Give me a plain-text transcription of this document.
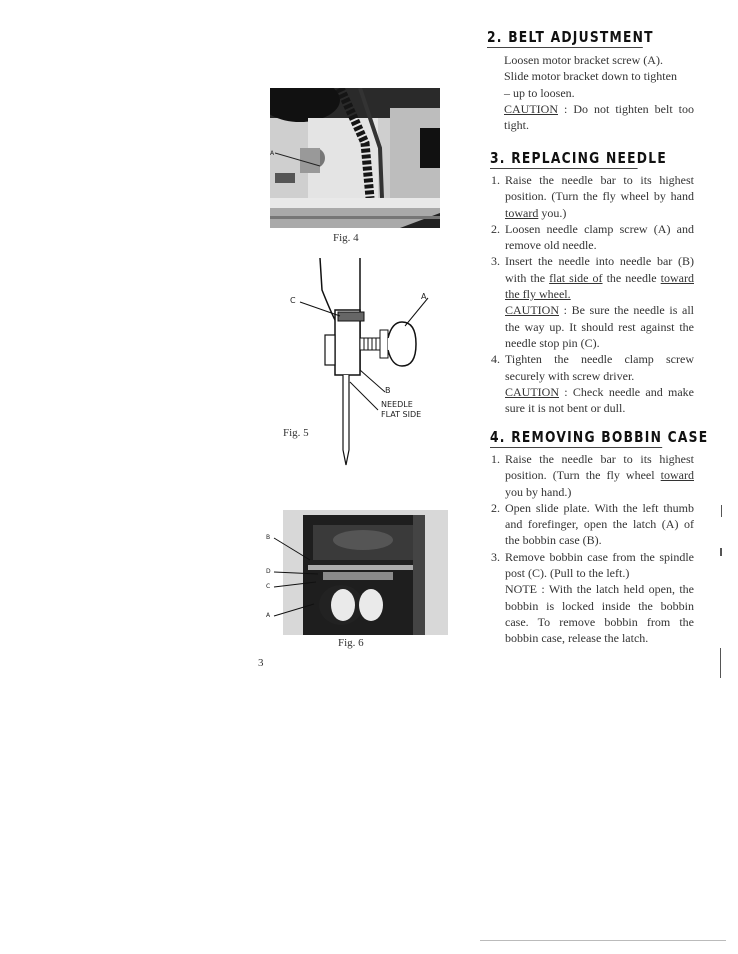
2. BELT ADJUSTMENT

Loosen motor bracket screw (A).

Slide motor bracket down to tighten

– up to loosen.

CAUTION : Do not tighten belt too tight.

3. REPLACING NEEDLE
1. Raise the needle bar to its highest position. (Turn the fly wheel by hand toward you.)
2. Loosen needle clamp screw (A) and remove old needle.
3. Insert the needle into needle bar (B) with the flat side of the needle toward the fly wheel.
CAUTION : Be sure the needle is all the way up. It should rest against the needle stop pin (C).
4. Tighten the needle clamp screw securely with screw driver.
CAUTION : Check needle and make sure it is not bent or dull.
4. REMOVING BOBBIN CASE
1. Raise the needle bar to its highest position. (Turn the fly wheel toward you by hand.)
2. Open slide plate. With the left thumb and forefinger, open the latch (A) of the bobbin case (B).
3. Remove bobbin case from the spindle post (C). (Pull to the left.)
NOTE : With the latch held open, the bobbin is locked inside the bobbin case. To remove bobbin from the bobbin case, release the latch.
A
Fig. 4
C	A
B
NEEDLE
FLAT SIDE
Fig. 5
B
D
C
A
Fig. 6
3
